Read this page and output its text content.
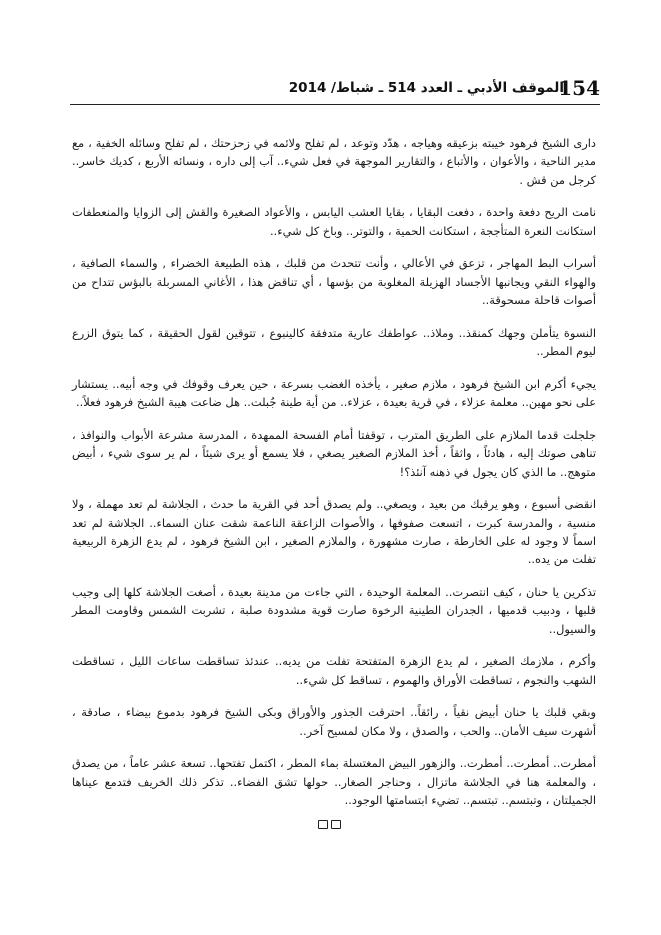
154
الموقف الأدبي ـ العدد 514 ـ شباط/ 2014

دارى الشيخ فرهود خيبته بزعيقه وهياجه ، هدّد وتوعد ، لم تفلح ولائمه في زحزحتك ، لم تفلح وسائله الخفية ، مع مدير الناحية ، والأعوان ، والأتباع ، والتقارير الموجهة في فعل شيء.. آب إلى داره ، ونسائه الأربع ، كديك خاسر.. كرجل من قش .

نامت الريح دفعة واحدة ، دفعت البقايا ، بقايا العشب اليابس ، والأعواد الصغيرة والقش إلى الزوايا والمنعطفات استكانت النعرة المتأججة ، استكانت الحمية ، والتوتر.. وباخ كل شيء..

أسراب البط المهاجر ، تزعق في الأعالي ، وأنت تتحدث من قلبك ، هذه الطبيعة الخضراء , والسماء الصافية ، والهواء النقي ويجانبها الأجساد الهزيلة المغلوبة من بؤسها ، أي تناقض هذا ، الأغاني المسربلة بالبؤس تتداح من أصوات قاحلة مسحوقة..

النسوة يتأملن وجهك كمنقذ.. وملاذ.. عواطفك عارية متدفقة كالينبوع ، تتوقين لقول الحقيقة ، كما يتوق الزرع ليوم المطر..

يجيء أكرم ابن الشيخ فرهود ، ملازم صغير ، يأخذه الغضب بسرعة ، حين يعرف وقوفك في وجه أبيه.. يستشار على نحو مهين.. معلمة عزلاء ، في قرية بعيدة ، عزلاء.. من أية طينة جُبلت.. هل ضاعت هيبة الشيخ فرهود فعلاً..

جلجلت قدما الملازم على الطريق المترب ، توقفتا أمام الفسحة الممهدة ، المدرسة مشرعة الأبواب والنوافذ ، تناهى صوتك إليه ، هادئاً ، واثقاً ، أخذ الملازم الصغير يصغي ، فلا يسمع أو يرى شيئاً ، لم ير سوى شيء ، أبيض متوهج.. ما الذي كان يجول في ذهنه آنئذ؟!

انقضى أسبوع ، وهو يرقبك من بعيد ، ويصغي.. ولم يصدق أحد في القرية ما حدث ، الجلاشة لم تعد مهملة ، ولا منسية ، والمدرسة كبرت ، اتسعت صفوفها ، والأصوات الزاعقة الناعمة شقت عنان السماء.. الجلاشة لم تعد اسماً لا وجود له على الخارطة ، صارت مشهورة ، والملازم الصغير ، ابن الشيخ فرهود ، لم يدع الزهرة الربيعية تفلت من يده..

تذكرين يا حنان ، كيف انتصرت.. المعلمة الوحيدة ، التي جاءت من مدينة بعيدة ، أصغت الجلاشة كلها إلى وجيب قلبها ، ودبيب قدميها ، الجدران الطينية الرخوة صارت قوية مشدودة صلبة ، تشربت الشمس وقاومت المطر والسيول..

وأكرم ، ملازمك الصغير ، لم يدع الزهرة المتفتحة تفلت من يديه.. عندئذ تساقطت ساعات الليل ، تساقطت الشهب والنجوم ، تساقطت الأوراق والهموم ، تساقط كل شيء..

وبقي قلبك يا حنان أبيض نقياً ، رائقاً.. احترقت الجذور والأوراق وبكى الشيخ فرهود بدموع بيضاء ، صادقة ، أشهرت سيف الأمان.. والحب ، والصدق ، ولا مكان لمسيح آخر..

أمطرت.. أمطرت.. أمطرت.. والزهور البيض المغتسلة بماء المطر ، اكتمل تفتحها.. تسعة عشر عاماً ، من يصدق ، والمعلمة هنا في الجلاشة ماتزال ، وحناجر الصغار.. حولها تشق الفضاء.. تذكر ذلك الخريف فتدمع عيناها الجميلتان ، وتبتسم.. تبتسم.. تضيء ابتسامتها الوجود..
